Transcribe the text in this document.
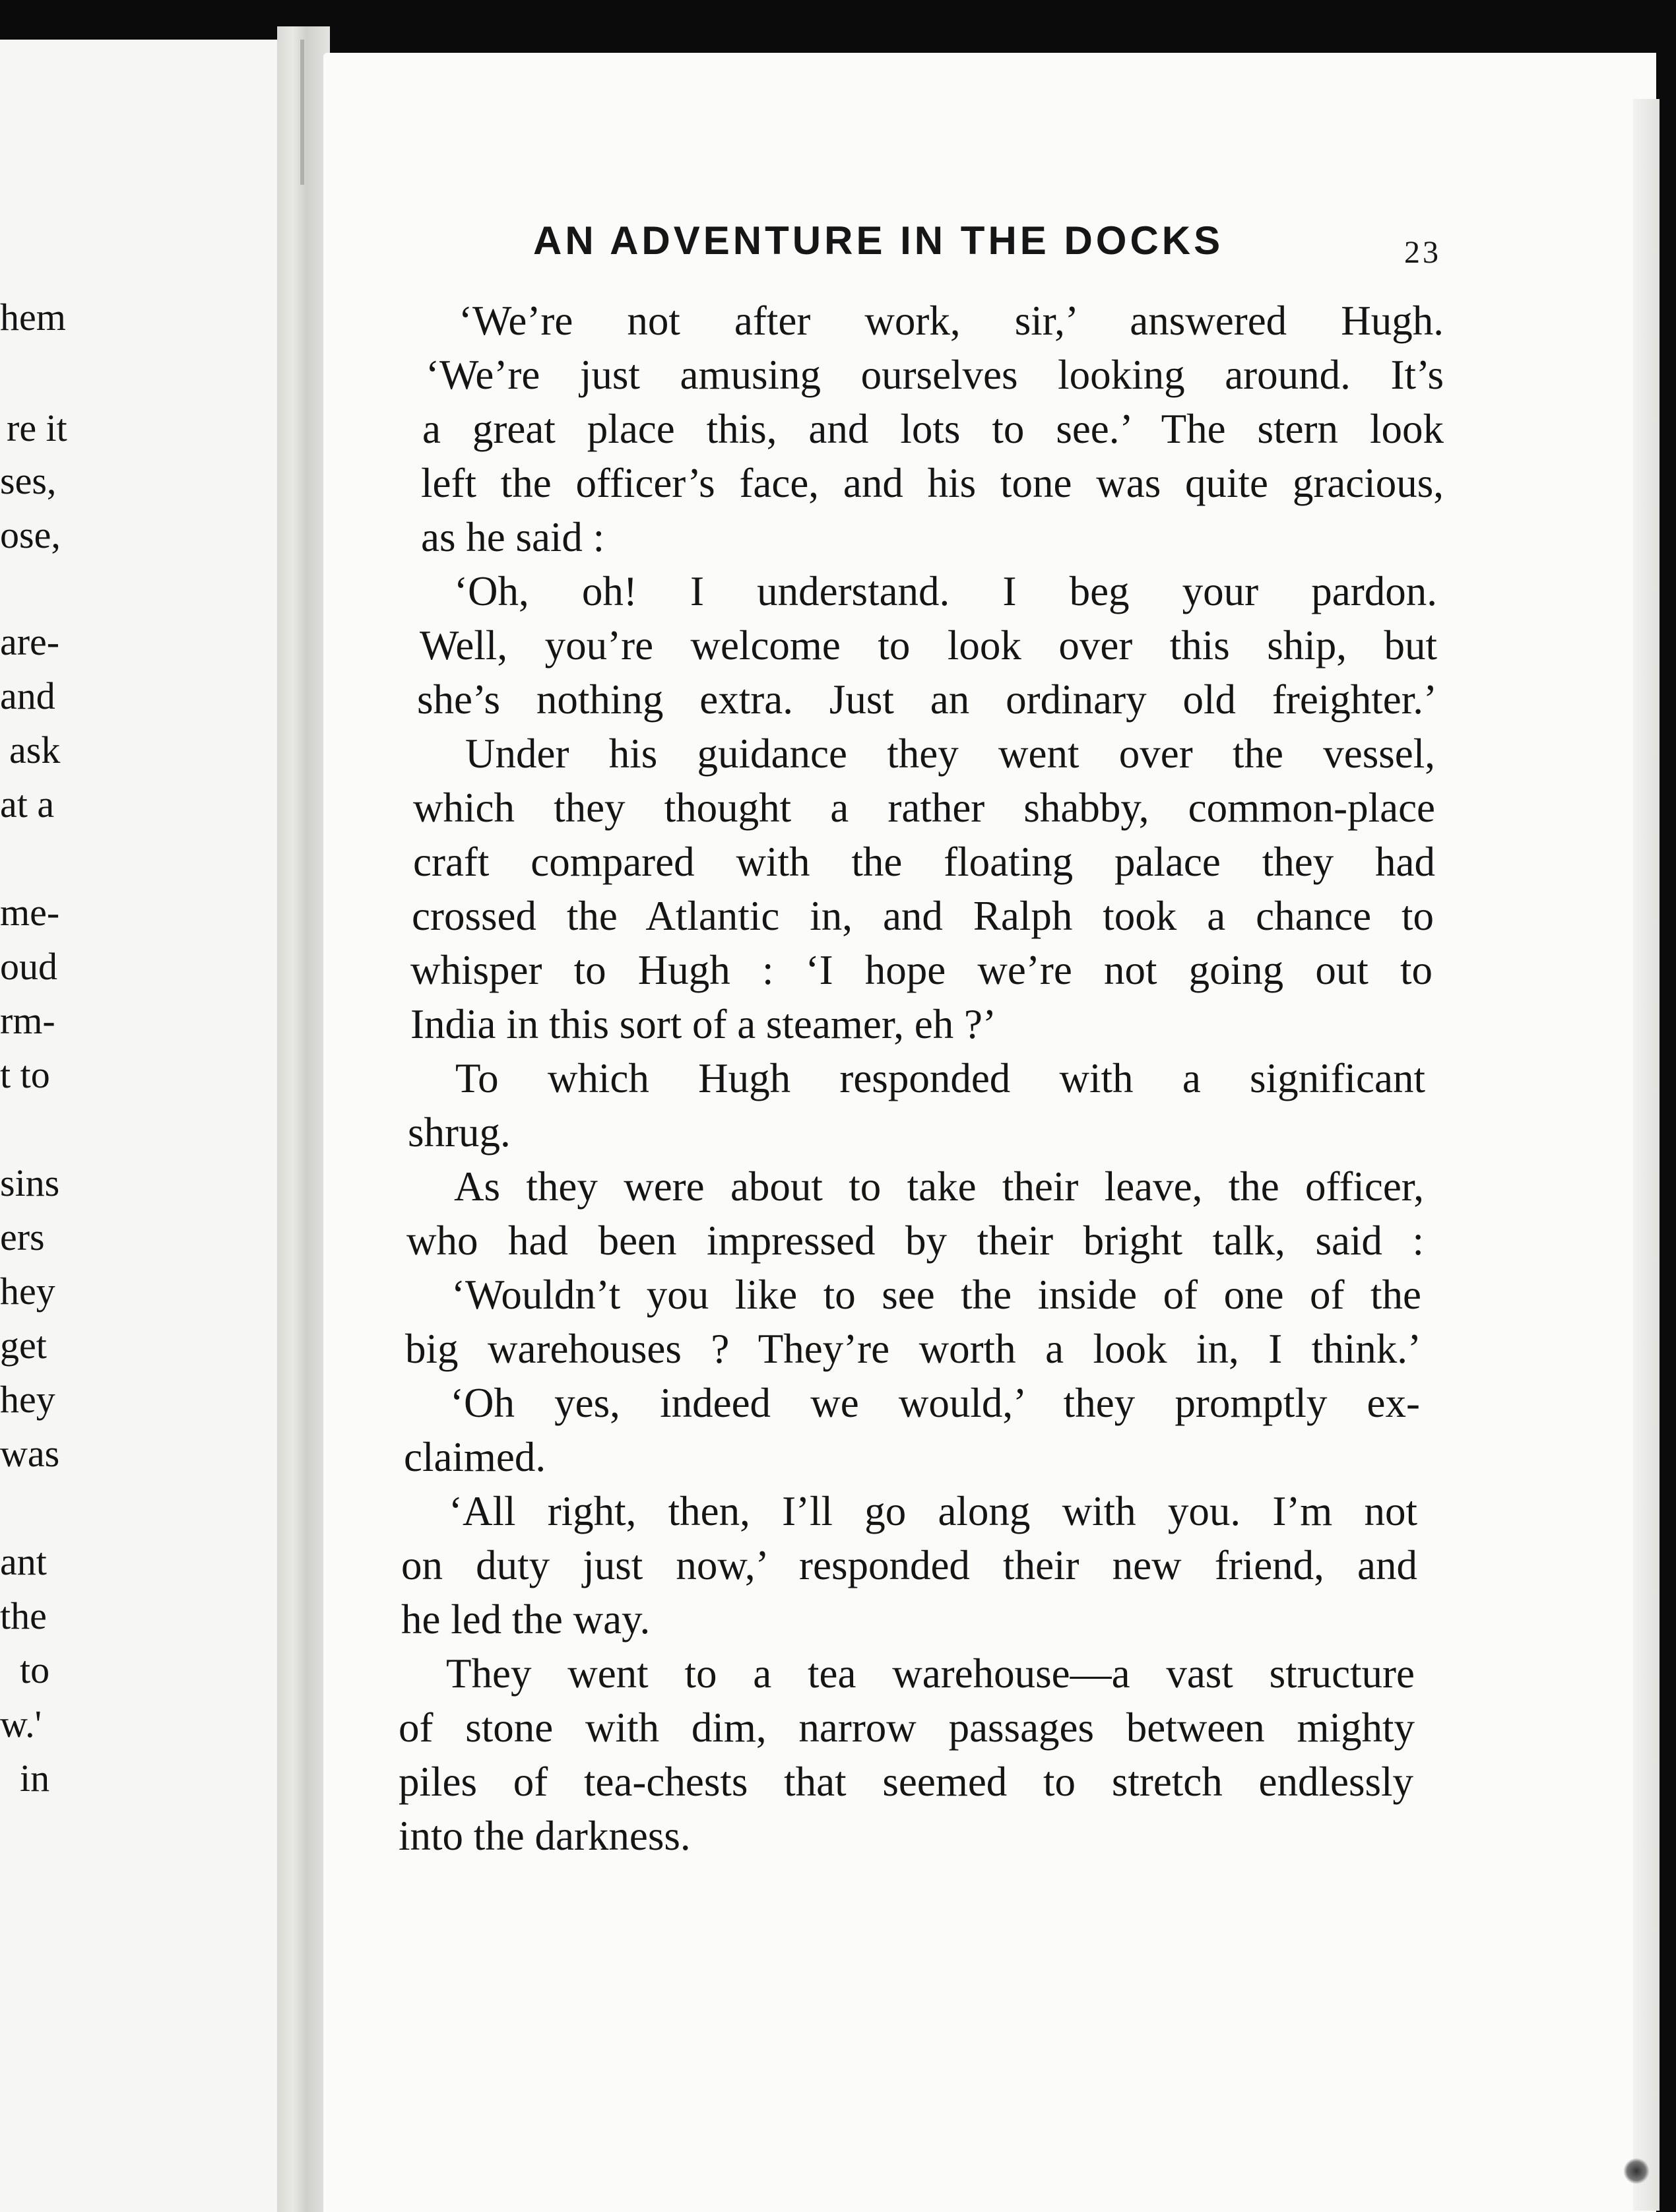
hem
re it
ses,
ose,
are-
and
ask
at a
me-
oud
rm-
t to
sins
ers
hey
get
hey
was
ant
the
to
w.'
in
AN ADVENTURE IN THE DOCKS	23
‘We’re not after work, sir,’ answered Hugh.
‘We’re just amusing ourselves looking around. It’s
a great place this, and lots to see.’ The stern look
left the officer’s face, and his tone was quite gracious,
as he said :
‘Oh, oh! I understand. I beg your pardon.
Well, you’re welcome to look over this ship, but
she’s nothing extra. Just an ordinary old freighter.’
Under his guidance they went over the vessel,
which they thought a rather shabby, common-place
craft compared with the floating palace they had
crossed the Atlantic in, and Ralph took a chance to
whisper to Hugh : ‘I hope we’re not going out to
India in this sort of a steamer, eh ?’
To which Hugh responded with a significant
shrug.
As they were about to take their leave, the officer,
who had been impressed by their bright talk, said :
‘Wouldn’t you like to see the inside of one of the
big warehouses ? They’re worth a look in, I think.’
‘Oh yes, indeed we would,’ they promptly ex-
claimed.
‘All right, then, I’ll go along with you. I’m not
on duty just now,’ responded their new friend, and
he led the way.
They went to a tea warehouse—a vast structure
of stone with dim, narrow passages between mighty
piles of tea-chests that seemed to stretch endlessly
into the darkness.
